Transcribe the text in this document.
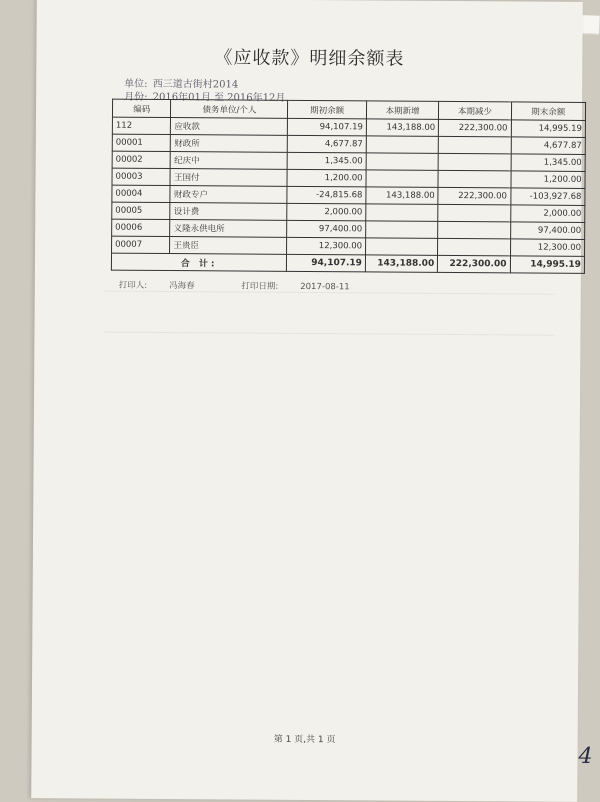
《应收款》明细余额表
单位: 西三道古街村2014
月份: 2016年01月 至 2016年12月
编码	债务单位/个人	期初余额	本期新增	本期减少	期末余额
112	应收款	94,107.19	143,188.00	222,300.00	14,995.19
00001	财政所	4,677.87			4,677.87
00002	纪庆中	1,345.00			1,345.00
00003	王国付	1,200.00			1,200.00
00004	财政专户	-24,815.68	143,188.00	222,300.00	-103,927.68
00005	设计费	2,000.00			2,000.00
00006	义隆永供电所	97,400.00			97,400.00
00007	王贵臣	12,300.00			12,300.00
合 计:		94,107.19	143,188.00	222,300.00	14,995.19
打印人:	冯海春	打印日期:	2017-08-11
第 1 页,共 1 页
4
